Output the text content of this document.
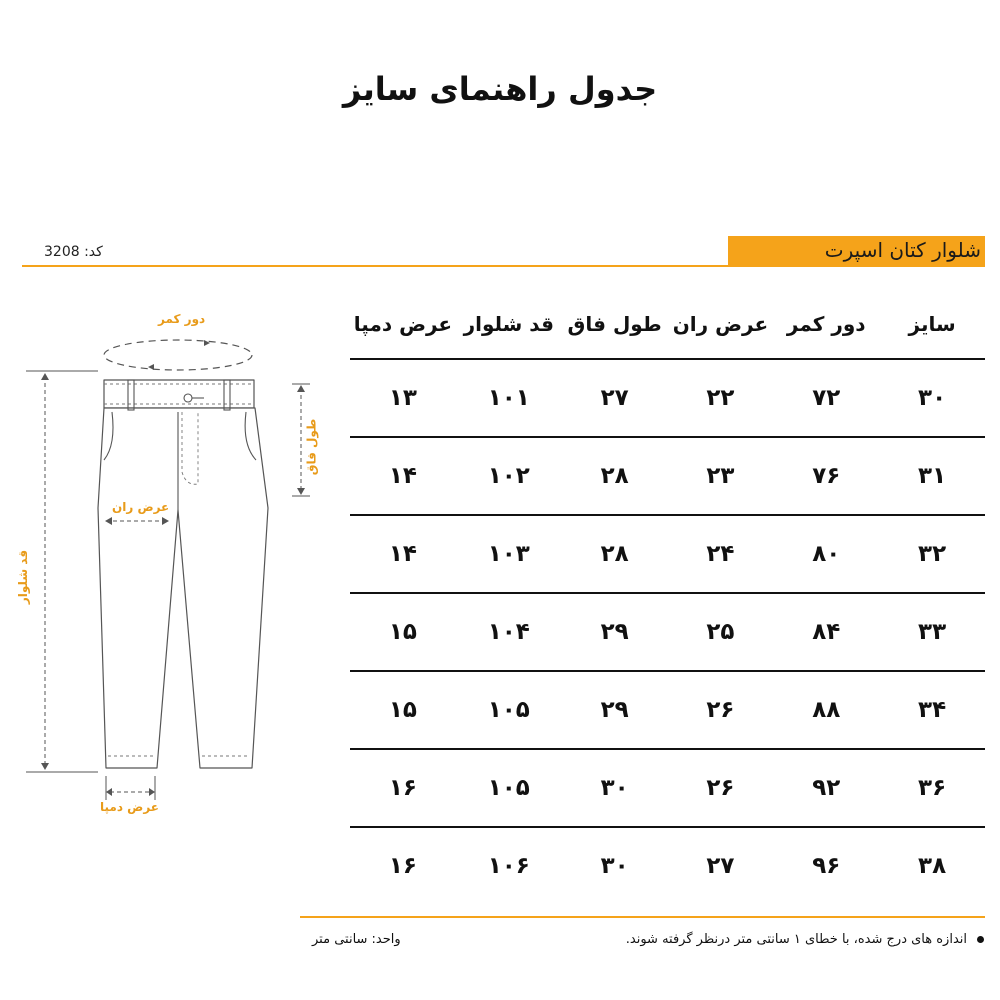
جدول راهنمای سایز
شلوار کتان اسپرت
کد: 3208
دور کمر
طول فاق
عرض ران
قد شلوار
عرض دمپا
سایز	دور کمر	عرض ران	طول فاق	قد شلوار	عرض دمپا
۳۰	۷۲	۲۲	۲۷	۱۰۱	۱۳
۳۱	۷۶	۲۳	۲۸	۱۰۲	۱۴
۳۲	۸۰	۲۴	۲۸	۱۰۳	۱۴
۳۳	۸۴	۲۵	۲۹	۱۰۴	۱۵
۳۴	۸۸	۲۶	۲۹	۱۰۵	۱۵
۳۶	۹۲	۲۶	۳۰	۱۰۵	۱۶
۳۸	۹۶	۲۷	۳۰	۱۰۶	۱۶
اندازه های درج شده، با خطای ۱ سانتی متر درنظر گرفته شوند.
واحد: سانتی متر
